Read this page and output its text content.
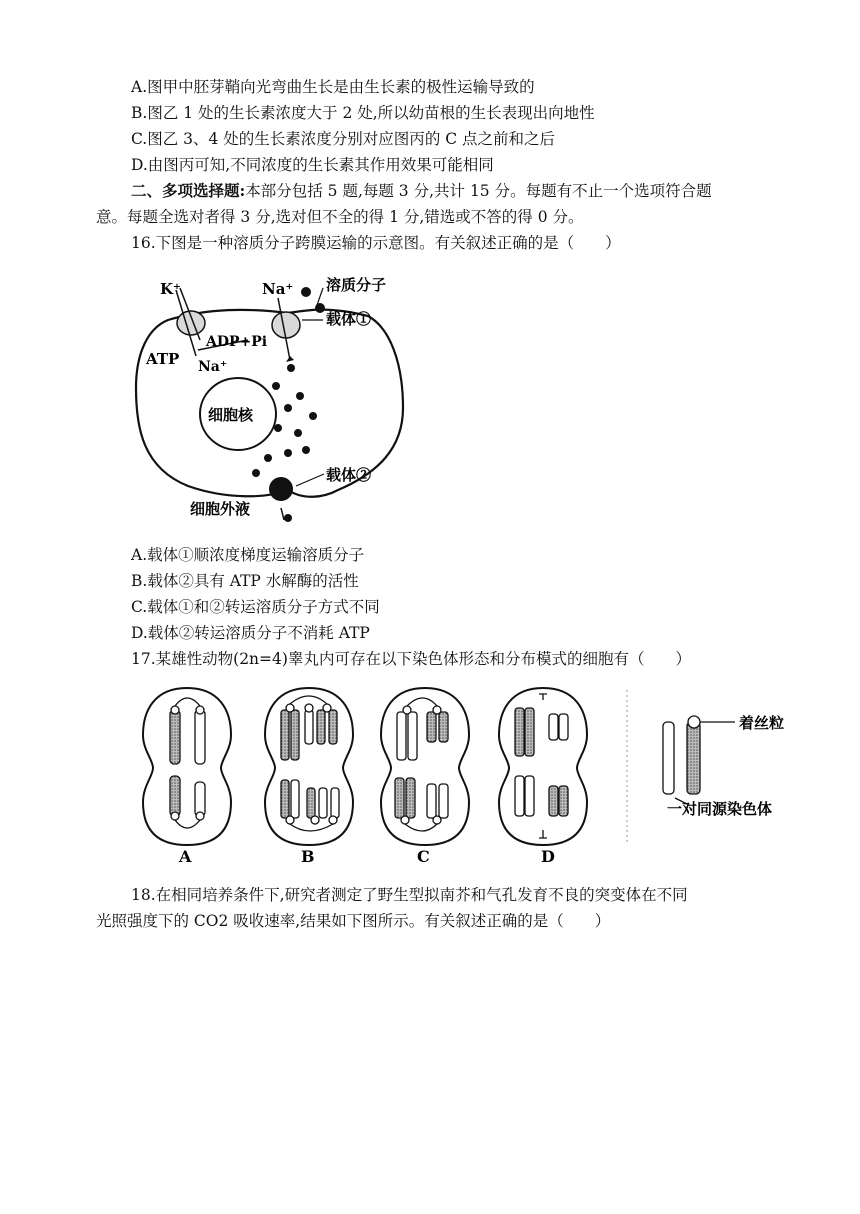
A.图甲中胚芽鞘向光弯曲生长是由生长素的极性运输导致的
B.图乙 1 处的生长素浓度大于 2 处,所以幼苗根的生长表现出向地性
C.图乙 3、4 处的生长素浓度分别对应图丙的 C 点之前和之后
D.由图丙可知,不同浓度的生长素其作用效果可能相同
二、多项选择题:本部分包括 5 题,每题 3 分,共计 15 分。每题有不止一个选项符合题
意。每题全选对者得 3 分,选对但不全的得 1 分,错选或不答的得 0 分。
16.下图是一种溶质分子跨膜运输的示意图。有关叙述正确的是（　　）
K⁺	Na⁺ 溶质分子
载体①
ADP+Pi
ATP Na⁺
细胞核
载体②
细胞外液
A.载体①顺浓度梯度运输溶质分子
B.载体②具有 ATP 水解酶的活性
C.载体①和②转运溶质分子方式不同
D.载体②转运溶质分子不消耗 ATP
17.某雄性动物(2n=4)睾丸内可存在以下染色体形态和分布模式的细胞有（　　）
着丝粒
一对同源染色体
A	B	C	D
18.在相同培养条件下,研究者测定了野生型拟南芥和气孔发育不良的突变体在不同
光照强度下的 CO2 吸收速率,结果如下图所示。有关叙述正确的是（　　）
